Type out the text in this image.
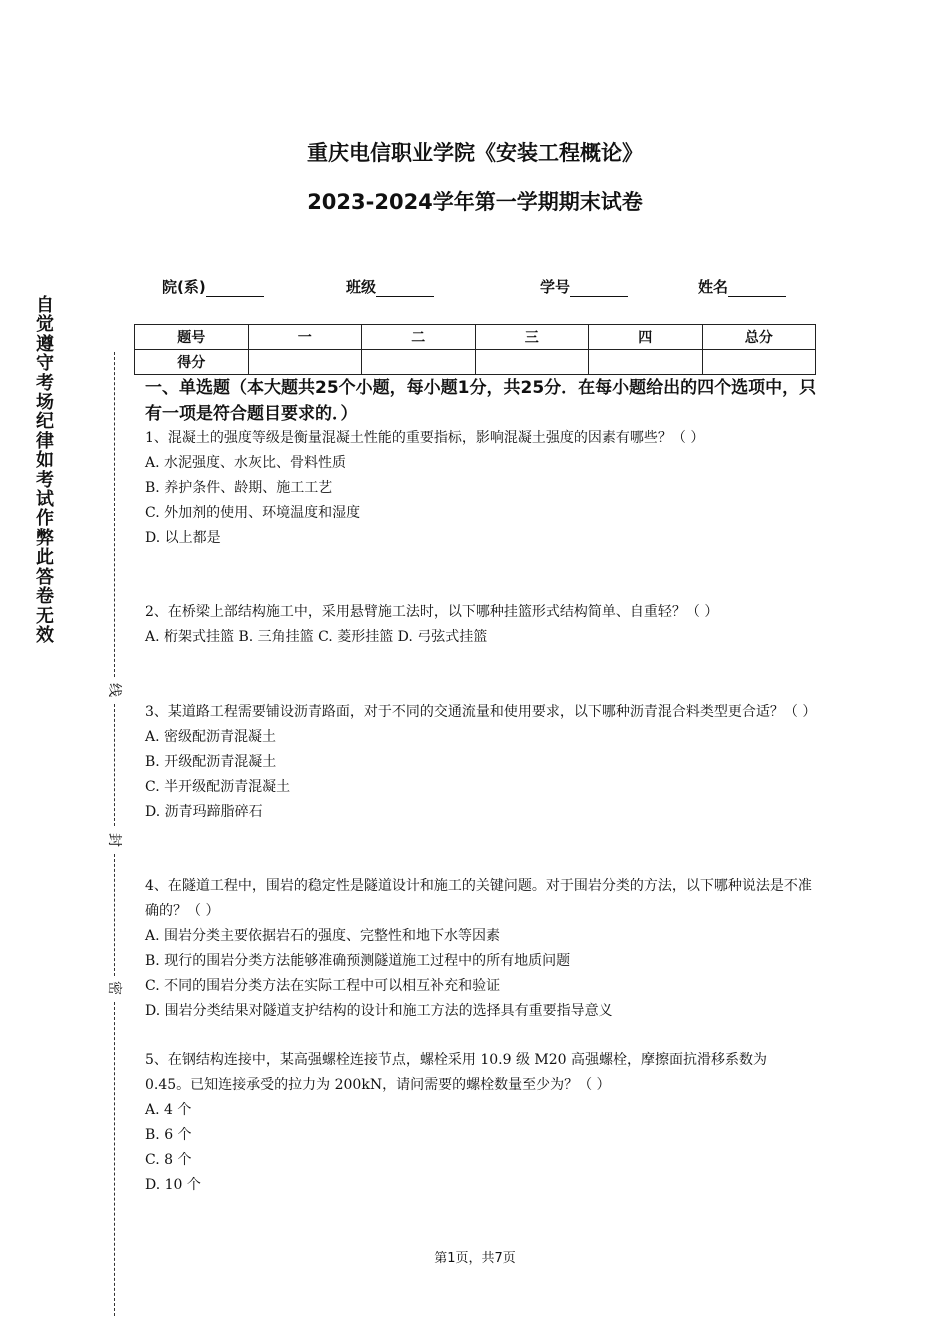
重庆电信职业学院《安装工程概论》
2023-2024学年第一学期期末试卷
院(系)	班级	学号	姓名
题号	一	二	三	四	总分
得分					
自觉遵守考场纪律如考试作弊此答卷无效
线
封
密
一、单选题（本大题共25个小题，每小题1分，共25分．在每小题给出的四个选项中，只有一项是符合题目要求的．）

1、混凝土的强度等级是衡量混凝土性能的重要指标，影响混凝土强度的因素有哪些？（ ）

A. 水泥强度、水灰比、骨料性质

B. 养护条件、龄期、施工工艺

C. 外加剂的使用、环境温度和湿度

D. 以上都是

2、在桥梁上部结构施工中，采用悬臂施工法时，以下哪种挂篮形式结构简单、自重轻？（ ）

A. 桁架式挂篮 B. 三角挂篮 C. 菱形挂篮 D. 弓弦式挂篮

3、某道路工程需要铺设沥青路面，对于不同的交通流量和使用要求，以下哪种沥青混合料类型更合适？（ ）

A. 密级配沥青混凝土

B. 开级配沥青混凝土

C. 半开级配沥青混凝土

D. 沥青玛蹄脂碎石

4、在隧道工程中，围岩的稳定性是隧道设计和施工的关键问题。对于围岩分类的方法，以下哪种说法是不准确的？（ ）

A. 围岩分类主要依据岩石的强度、完整性和地下水等因素

B. 现行的围岩分类方法能够准确预测隧道施工过程中的所有地质问题

C. 不同的围岩分类方法在实际工程中可以相互补充和验证

D. 围岩分类结果对隧道支护结构的设计和施工方法的选择具有重要指导意义

5、在钢结构连接中，某高强螺栓连接节点，螺栓采用 10.9 级 M20 高强螺栓，摩擦面抗滑移系数为 0.45。已知连接承受的拉力为 200kN，请问需要的螺栓数量至少为？（ ）

A. 4 个

B. 6 个

C. 8 个

D. 10 个

第1页，共7页
